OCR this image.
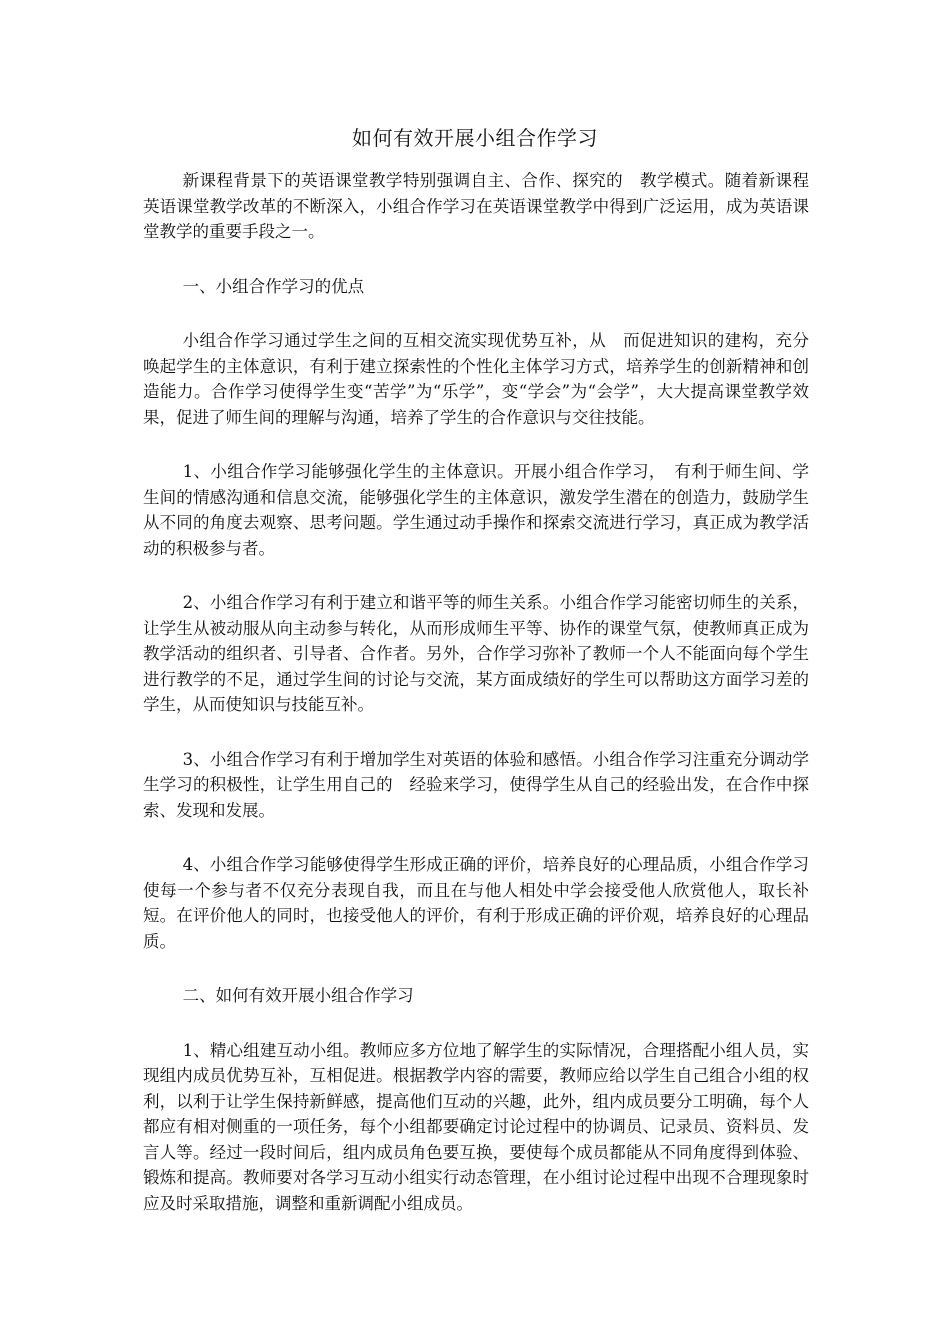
如何有效开展小组合作学习

新课程背景下的英语课堂教学特别强调自主、合作、探究的　教学模式。随着新课程英语课堂教学改革的不断深入，小组合作学习在英语课堂教学中得到广泛运用，成为英语课堂教学的重要手段之一。

一、小组合作学习的优点

小组合作学习通过学生之间的互相交流实现优势互补，从　而促进知识的建构，充分唤起学生的主体意识，有利于建立探索性的个性化主体学习方式，培养学生的创新精神和创造能力。合作学习使得学生变“苦学”为“乐学”，变“学会”为“会学”，大大提高课堂教学效果，促进了师生间的理解与沟通，培养了学生的合作意识与交往技能。

1、小组合作学习能够强化学生的主体意识。开展小组合作学习，　有利于师生间、学生间的情感沟通和信息交流，能够强化学生的主体意识，激发学生潜在的创造力，鼓励学生从不同的角度去观察、思考问题。学生通过动手操作和探索交流进行学习，真正成为教学活动的积极参与者。

2、小组合作学习有利于建立和谐平等的师生关系。小组合作学习能密切师生的关系，让学生从被动服从向主动参与转化，从而形成师生平等、协作的课堂气氛，使教师真正成为教学活动的组织者、引导者、合作者。另外，合作学习弥补了教师一个人不能面向每个学生进行教学的不足，通过学生间的讨论与交流，某方面成绩好的学生可以帮助这方面学习差的学生，从而使知识与技能互补。

3、小组合作学习有利于增加学生对英语的体验和感悟。小组合作学习注重充分调动学生学习的积极性，让学生用自己的　经验来学习，使得学生从自己的经验出发，在合作中探索、发现和发展。

4、小组合作学习能够使得学生形成正确的评价，培养良好的心理品质，小组合作学习使每一个参与者不仅充分表现自我，而且在与他人相处中学会接受他人欣赏他人，取长补短。在评价他人的同时，也接受他人的评价，有利于形成正确的评价观，培养良好的心理品质。

二、如何有效开展小组合作学习

1、精心组建互动小组。教师应多方位地了解学生的实际情况，合理搭配小组人员，实现组内成员优势互补，互相促进。根据教学内容的需要，教师应给以学生自己组合小组的权利，以利于让学生保持新鲜感，提高他们互动的兴趣，此外，组内成员要分工明确，每个人都应有相对侧重的一项任务，每个小组都要确定讨论过程中的协调员、记录员、资料员、发言人等。经过一段时间后，组内成员角色要互换，要使每个成员都能从不同角度得到体验、锻炼和提高。教师要对各学习互动小组实行动态管理，在小组讨论过程中出现不合理现象时应及时采取措施，调整和重新调配小组成员。
